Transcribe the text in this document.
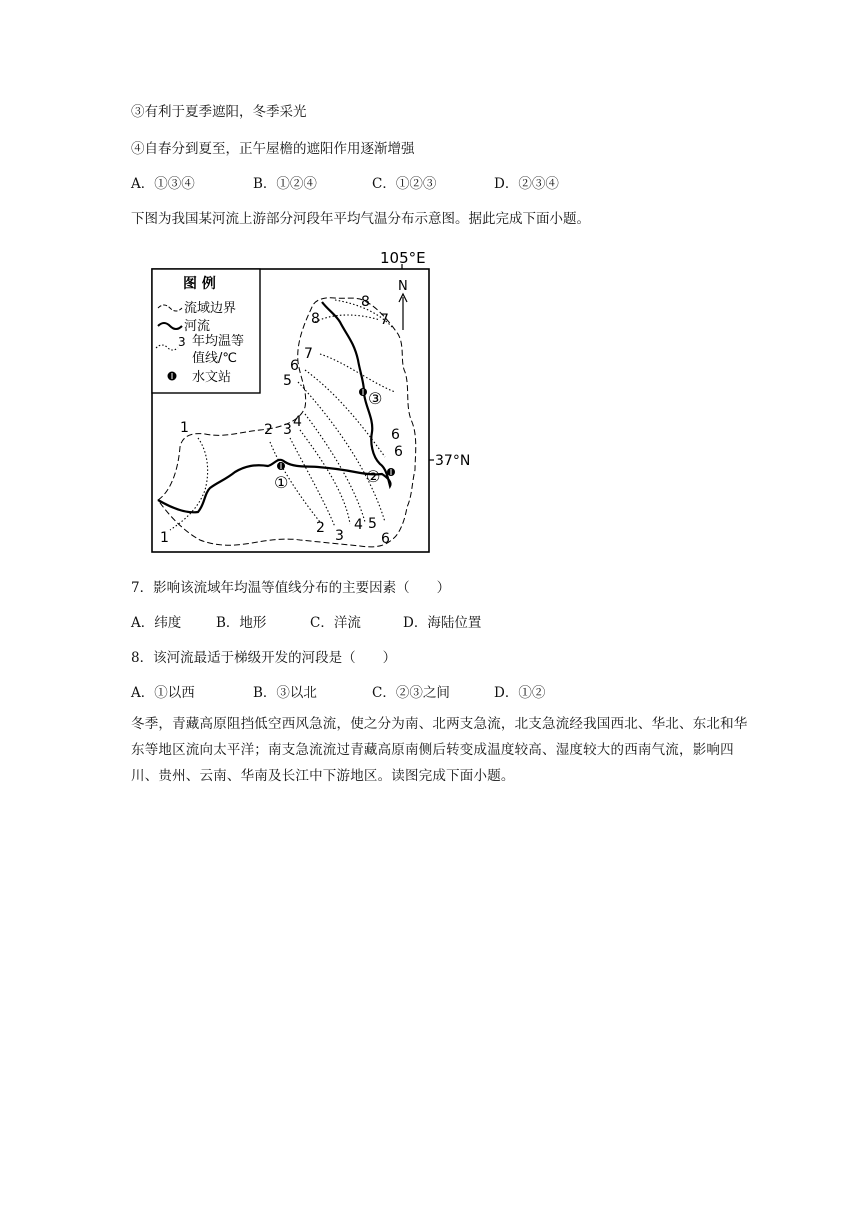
③有利于夏季遮阳，冬季采光
④自春分到夏至，正午屋檐的遮阳作用逐渐增强
A．①③④	B．①②④	C．①②③	D．②③④
下图为我国某河流上游部分河段年平均气温分布示意图。据此完成下面小题。
105°E
37°N
图 例
流域边界
河流
3 年均温等
值线/℃
水文站
N
①	②
③
1
1
2 3 4
2 3
4 5
6
5
6
7
8	7
8
6
6
7．影响该流域年均温等值线分布的主要因素（　　）
A．纬度	B．地形	C．洋流	D．海陆位置
8．该河流最适于梯级开发的河段是（　　）
A．①以西	B．③以北	C．②③之间	D．①②
冬季，青藏高原阻挡低空西风急流，使之分为南、北两支急流，北支急流经我国西北、华北、东北和华东等地区流向太平洋；南支急流流过青藏高原南侧后转变成温度较高、湿度较大的西南气流，影响四川、贵州、云南、华南及长江中下游地区。读图完成下面小题。
